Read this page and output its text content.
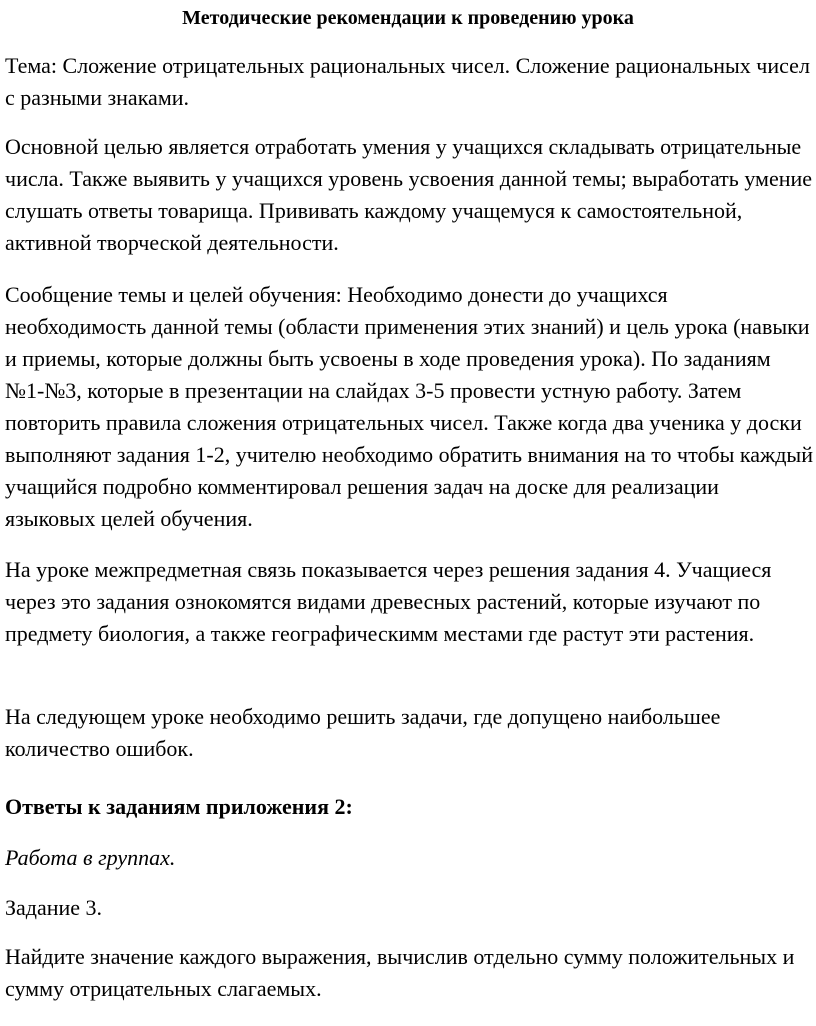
Методические рекомендации к проведению урока

Тема: Сложение отрицательных рациональных чисел. Сложение рациональных чисел с разными знаками.

Основной целью является отработать умения у учащихся складывать отрицательные числа. Также выявить у учащихся уровень усвоения данной темы; выработать умение слушать ответы товарища. Прививать каждому учащемуся к самостоятельной, активной творческой деятельности.

Сообщение темы и целей обучения: Необходимо донести до учащихся необходимость данной темы (области применения этих знаний) и цель урока (навыки и приемы, которые должны быть усвоены в ходе проведения урока). По заданиям №1-№3, которые в презентации на слайдах 3-5 провести устную работу. Затем повторить правила сложения отрицательных чисел. Также когда два ученика у доски выполняют задания 1-2, учителю необходимо обратить внимания на то чтобы каждый учащийся подробно комментировал решения задач на доске для реализации языковых целей обучения.

На уроке межпредметная связь показывается через решения задания 4. Учащиеся через это задания ознокомятся видами древесных растений, которые изучают по предмету биология, а также географическимм местами где растут эти растения.

На следующем уроке необходимо решить задачи, где допущено наибольшее количество ошибок.

Ответы к заданиям приложения 2:

Работа в группах.

Задание 3.

Найдите значение каждого выражения, вычислив отдельно сумму положительных и сумму отрицательных слагаемых.
